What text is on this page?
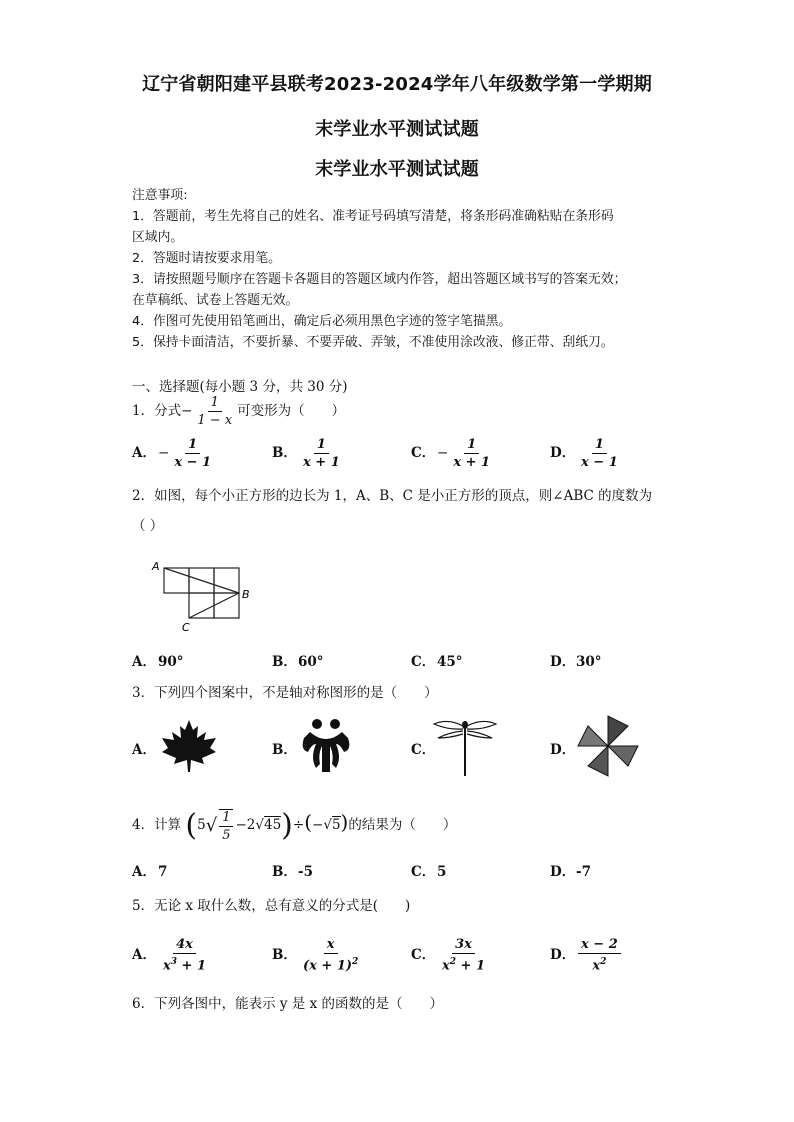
辽宁省朝阳建平县联考2023-2024学年八年级数学第一学期期
末学业水平测试试题
末学业水平测试试题
注意事项:
1．答题前，考生先将自己的姓名、准考证号码填写清楚，将条形码准确粘贴在条形码
区域内。
2．答题时请按要求用笔。
3．请按照题号顺序在答题卡各题目的答题区域内作答，超出答题区域书写的答案无效；
在草稿纸、试卷上答题无效。
4．作图可先使用铅笔画出，确定后必须用黑色字迹的签字笔描黑。
5．保持卡面清洁，不要折暴、不要弄破、弄皱，不准使用涂改液、修正带、刮纸刀。
一、选择题(每小题 3 分，共 30 分)
1．分式− $\frac{1}{1 - x}$ 可变形为（　　）
A． − $\frac{1}{x - 1}$	B． $\frac{1}{x + 1}$	C． − $\frac{1}{x + 1}$	D． $\frac{1}{x - 1}$
2．如图，每个小正方形的边长为 1，A、B、C 是小正方形的顶点，则∠ABC 的度数为
（ ）
A
B
C
A． 90°	B．60°	C． 45°	D．30°
3．下列四个图案中，不是轴对称图形的是（　　）
A．	B．	C．	D．
4．计算 $(5√ \frac{1}{5} -2√45)\div(-√5)$的结果为（　　）
A． 7	B．-5	C． 5	D．-7
5．无论 x 取什么数，总有意义的分式是(　　)
A． $\frac{4x}{x^3 + 1}$	B． $\frac{x}{(x + 1)^2}$	C． $\frac{3x}{x^2 + 1}$	D． $\frac{x - 2}{x^2}$
6．下列各图中，能表示 y 是 x 的函数的是（　　）
